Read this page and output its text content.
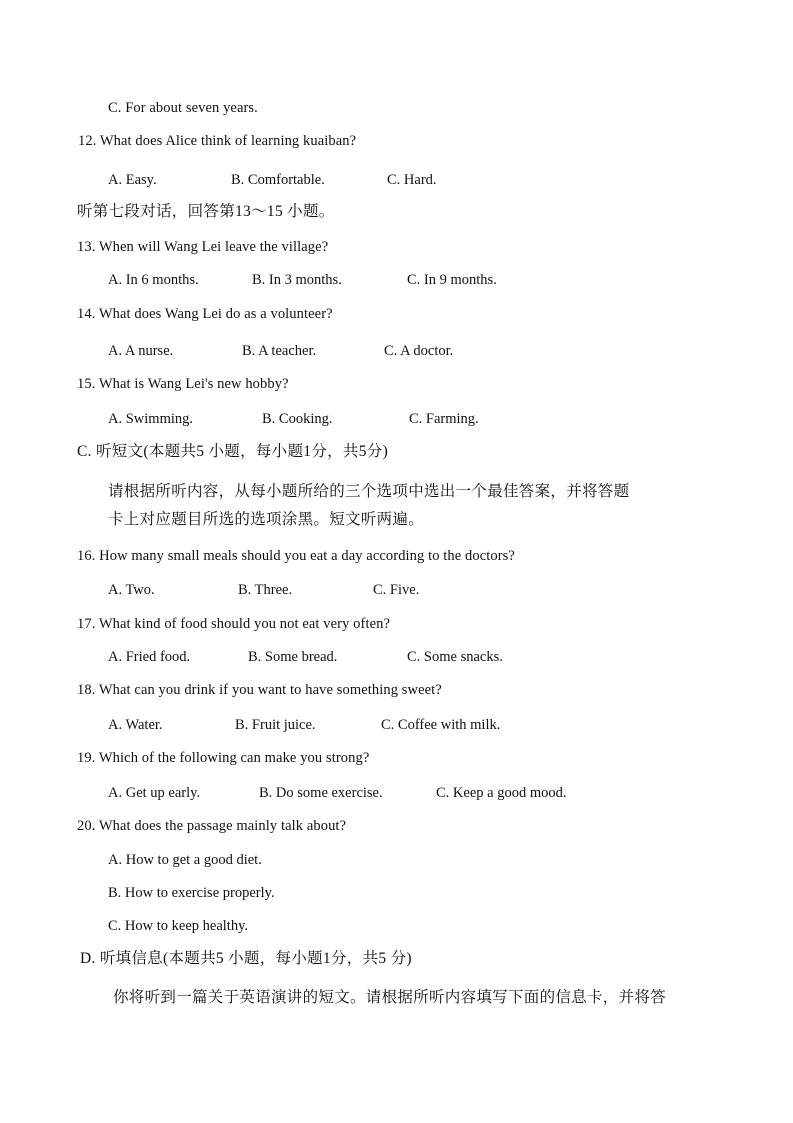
C. For about seven years.
12. What does Alice think of learning kuaiban?
A. Easy.	B. Comfortable.	C. Hard.
听第七段对话，回答第13～15 小题。
13. When will Wang Lei leave the village?
A. In 6 months.	B. In 3 months.	C. In 9 months.
14. What does Wang Lei do as a volunteer?
A. A nurse.	B. A teacher.	C. A doctor.
15. What is Wang Lei's new hobby?
A. Swimming.	B. Cooking.	C. Farming.
C. 听短文(本题共5 小题，每小题1分，共5分)
请根据所听内容，从每小题所给的三个选项中选出一个最佳答案，并将答题
卡上对应题目所选的选项涂黑。短文听两遍。
16. How many small meals should you eat a day according to the doctors?
A. Two.	B. Three.	C. Five.
17. What kind of food should you not eat very often?
A. Fried food.	B. Some bread.	C. Some snacks.
18. What can you drink if you want to have something sweet?
A. Water.	B. Fruit juice.	C. Coffee with milk.
19. Which of the following can make you strong?
A. Get up early.	B. Do some exercise.	C. Keep a good mood.
20. What does the passage mainly talk about?
A. How to get a good diet.
B. How to exercise properly.
C. How to keep healthy.
D. 听填信息(本题共5 小题，每小题1分，共5 分)
你将听到一篇关于英语演讲的短文。请根据所听内容填写下面的信息卡，并将答
